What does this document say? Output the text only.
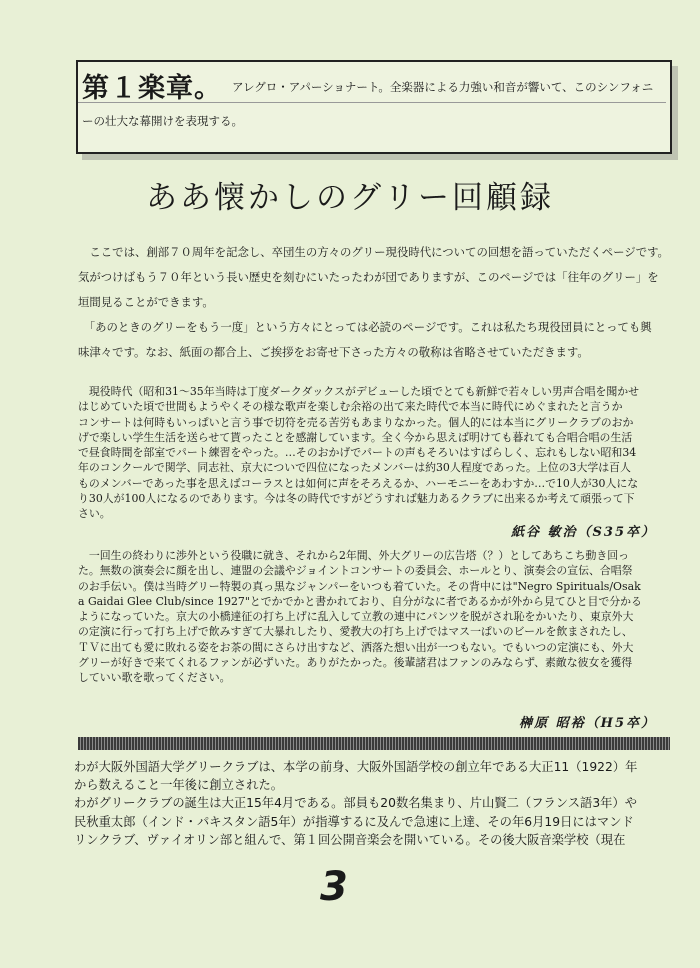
第１楽章。 アレグロ・アパーショナート。全楽器による力強い和音が響いて、このシンフォニ
ーの壮大な幕開けを表現する。
ああ懐かしのグリー回顧録

　ここでは、創部７０周年を記念し、卒団生の方々のグリー現役時代についての回想を語っていただくページです。

気がつけばもう７０年という長い歴史を刻むにいたったわが団でありますが、このページでは「往年のグリー」を

垣間見ることができます。

　「あのときのグリーをもう一度」という方々にとっては必読のページです。これは私たち現役団員にとっても興

味津々です。なお、紙面の都合上、ご挨拶をお寄せ下さった方々の敬称は省略させていただきます。

　現役時代（昭和31～35年当時は丁度ダークダックスがデビューした頃でとても新鮮で若々しい男声合唱を聞かせ

はじめていた頃で世間もようやくその様な歌声を楽しむ余裕の出て来た時代で本当に時代にめぐまれたと言うか

コンサートは何時もいっぱいと言う事で切符を売る苦労もあまりなかった。個人的には本当にグリークラブのおか

げで楽しい学生生活を送らせて貰ったことを感謝しています。全く今から思えば明けても暮れても合唱合唱の生活

で昼食時間を部室でパート練習をやった。…そのおかげでパートの声もそろいはすばらしく、忘れもしない昭和34

年のコンクールで関学、同志社、京大についで四位になったメンバーは約30人程度であった。上位の3大学は百人

ものメンバーであった事を思えばコーラスとは如何に声をそろえるか、ハーモニーをあわすか…で10人が30人にな

り30人が100人になるのであります。今は冬の時代ですがどうすれば魅力あるクラブに出来るか考えて頑張って下

さい。

紙谷 敏治（S35卒）

　一回生の終わりに渉外という役職に就き、それから2年間、外大グリーの広告塔（？）としてあちこち動き回っ

た。無数の演奏会に顔を出し、連盟の会議やジョイントコンサートの委員会、ホールとり、演奏会の宣伝、合唱祭

のお手伝い。僕は当時グリー特製の真っ黒なジャンパーをいつも着ていた。その背中には"Negro Spirituals/Osak

a Gaidai Glee Club/since 1927"とでかでかと書かれており、自分がなに者であるかが外から見てひと目で分かる

ようになっていた。京大の小橋達征の打ち上げに乱入して立教の連中にパンツを脱がされ恥をかいたり、東京外大

の定演に行って打ち上げで飲みすぎて大暴れしたり、愛教大の打ち上げではマス一ぱいのビールを飲まされたし、

ＴＶに出ても愛に敗れる姿をお茶の間にさらけ出すなど、洒落た想い出が一つもない。でもいつの定演にも、外大

グリーが好きで来てくれるファンが必ずいた。ありがたかった。後輩諸君はファンのみならず、素敵な彼女を獲得

していい歌を歌ってください。

榊原 昭裕（H5卒）

わが大阪外国語大学グリークラブは、本学の前身、大阪外国語学校の創立年である大正11（1922）年

から数えること一年後に創立された。

わがグリークラブの誕生は大正15年4月である。部員も20数名集まり、片山賢二（フランス語3年）や

民秋重太郎（インド・パキスタン語5年）が指導するに及んで急速に上達、その年6月19日にはマンド

リンクラブ、ヴァイオリン部と組んで、第１回公開音楽会を開いている。その後大阪音楽学校（現在

3
